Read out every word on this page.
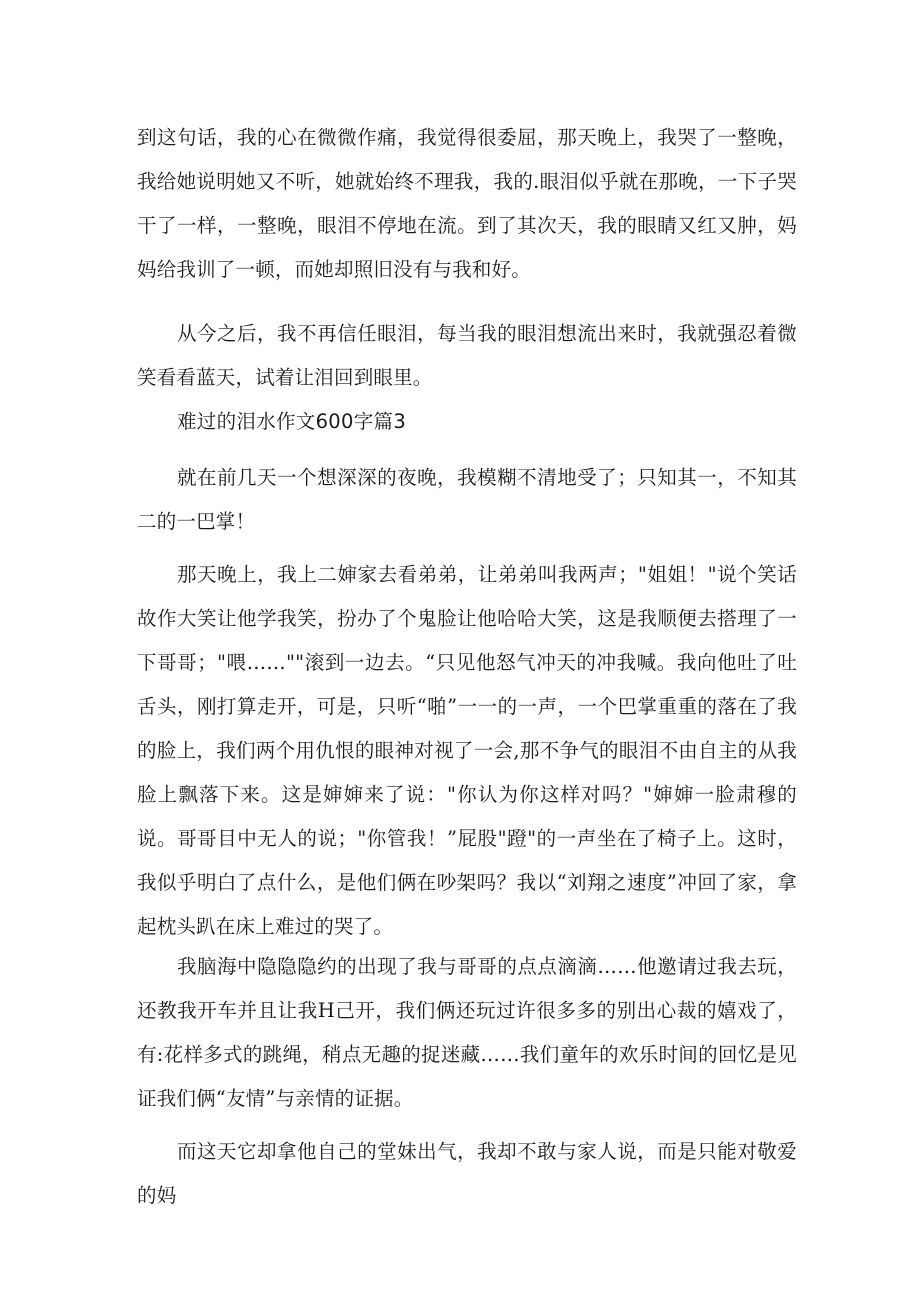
到这句话，我的心在微微作痛，我觉得很委屈，那天晚上，我哭了一整晚，我给她说明她又不听，她就始终不理我，我的.眼泪似乎就在那晚，一下子哭干了一样，一整晚，眼泪不停地在流。到了其次天，我的眼睛又红又肿，妈妈给我训了一顿，而她却照旧没有与我和好。

从今之后，我不再信任眼泪，每当我的眼泪想流出来时，我就强忍着微笑看看蓝天，试着让泪回到眼里。

难过的泪水作文600字篇3

就在前几天一个想深深的夜晚，我模糊不清地受了；只知其一，不知其二的一巴掌！

那天晚上，我上二婶家去看弟弟，让弟弟叫我两声；"姐姐！"说个笑话故作大笑让他学我笑，扮办了个鬼脸让他哈哈大笑，这是我顺便去搭理了一下哥哥；"喂……""滚到一边去。“只见他怒气冲天的冲我喊。我向他吐了吐舌头，刚打算走开，可是，只听“啪”一一的一声，一个巴掌重重的落在了我的脸上，我们两个用仇恨的眼神对视了一会,那不争气的眼泪不由自主的从我脸上飘落下来。这是婶婶来了说："你认为你这样对吗？"婶婶一脸肃穆的说。哥哥目中无人的说；"你管我！”屁股"蹬"的一声坐在了椅子上。这时，我似乎明白了点什么，是他们俩在吵架吗？我以“刘翔之速度”冲回了家，拿起枕头趴在床上难过的哭了。

我脑海中隐隐隐约的出现了我与哥哥的点点滴滴……他邀请过我去玩，还教我开车并且让我H己开，我们俩还玩过许很多多的别出心裁的嬉戏了，有:花样多式的跳绳，稍点无趣的捉迷藏……我们童年的欢乐时间的回忆是见证我们俩“友情”与亲情的证据。

而这天它却拿他自己的堂妹出气，我却不敢与家人说，而是只能对敬爱的妈
